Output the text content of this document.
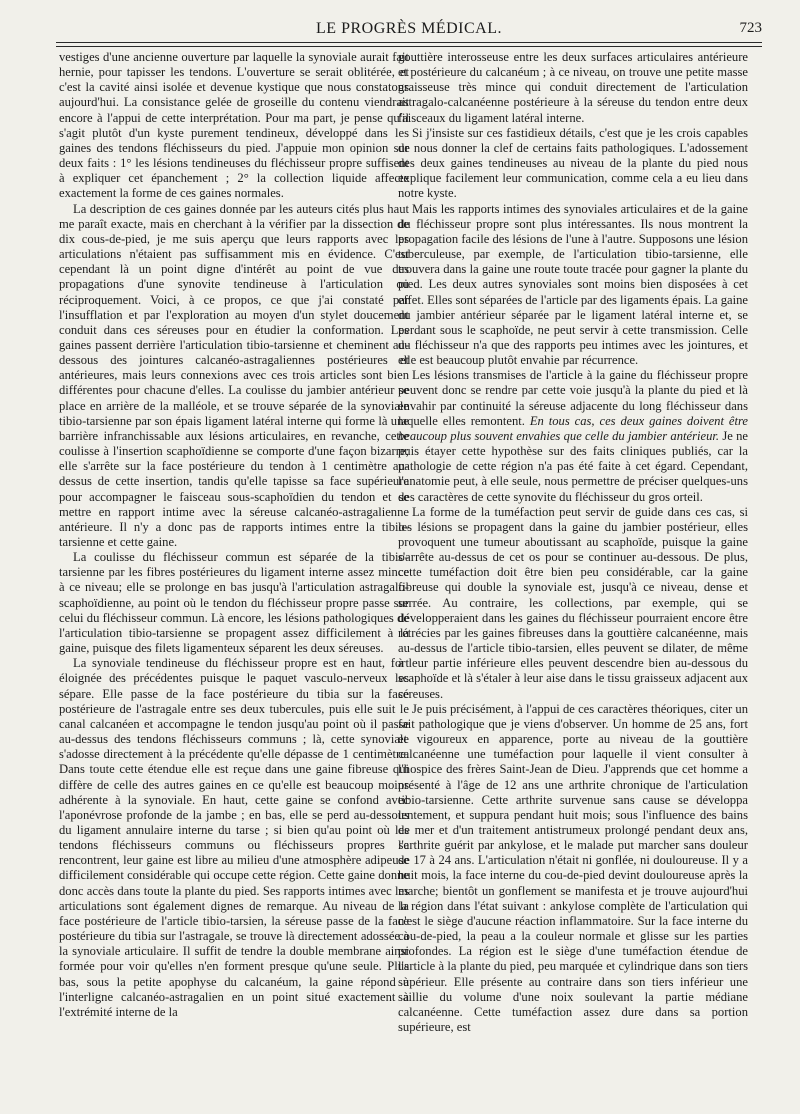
LE PROGRÈS MÉDICAL.	723

vestiges d'une ancienne ouverture par laquelle la synoviale aurait fait hernie, pour tapisser les tendons. L'ouverture se serait oblitérée, et c'est la cavité ainsi isolée et devenue kystique que nous constatons aujourd'hui. La consistance gelée de groseille du contenu viendrait encore à l'appui de cette interprétation. Pour ma part, je pense qu'il s'agit plutôt d'un kyste purement tendineux, développé dans les gaines des tendons fléchisseurs du pied. J'appuie mon opinion sur deux faits : 1° les lésions tendineuses du fléchisseur propre suffisent à expliquer cet épanchement ; 2° la collection liquide affecte exactement la forme de ces gaines normales.

La description de ces gaines donnée par les auteurs cités plus haut me paraît exacte, mais en cherchant à la vérifier par la dissection de dix cous-de-pied, je me suis aperçu que leurs rapports avec les articulations n'étaient pas suffisamment mis en évidence. C'est cependant là un point digne d'intérêt au point de vue des propagations d'une synovite tendineuse à l'articulation ou réciproquement. Voici, à ce propos, ce que j'ai constaté par l'insufflation et par l'exploration au moyen d'un stylet doucement conduit dans ces séreuses pour en étudier la conformation. Les gaines passent derrière l'articulation tibio-tarsienne et cheminent au-dessous des jointures calcanéo-astragaliennes postérieures et antérieures, mais leurs connexions avec ces trois articles sont bien différentes pour chacune d'elles. La coulisse du jambier antérieur se place en arrière de la malléole, et se trouve séparée de la synoviale tibio-tarsienne par son épais ligament latéral interne qui forme là une barrière infranchissable aux lésions articulaires, en revanche, cette coulisse à l'insertion scaphoïdienne se comporte d'une façon bizarre; elle s'arrête sur la face postérieure du tendon à 1 centimètre au-dessus de cette insertion, tandis qu'elle tapisse sa face supérieure pour accompagner le faisceau sous-scaphoïdien du tendon et se mettre en rapport intime avec la séreuse calcanéo-astragalienne antérieure. Il n'y a donc pas de rapports intimes entre la tibio-tarsienne et cette gaine.

La coulisse du fléchisseur commun est séparée de la tibio-tarsienne par les fibres postérieures du ligament interne assez mince à ce niveau; elle se prolonge en bas jusqu'à l'articulation astragalo-scaphoïdienne, au point où le tendon du fléchisseur propre passe sur celui du fléchisseur commun. Là encore, les lésions pathologiques de l'articulation tibio-tarsienne se propagent assez difficilement à la gaine, puisque des filets ligamenteux séparent les deux séreuses.

La synoviale tendineuse du fléchisseur propre est en haut, fort éloignée des précédentes puisque le paquet vasculo-nerveux les sépare. Elle passe de la face postérieure du tibia sur la face postérieure de l'astragale entre ses deux tubercules, puis elle suit le canal calcanéen et accompagne le tendon jusqu'au point où il passe au-dessus des tendons fléchisseurs communs ; là, cette synoviale s'adosse directement à la précédente qu'elle dépasse de 1 centimètre. Dans toute cette étendue elle est reçue dans une gaine fibreuse qui diffère de celle des autres gaines en ce qu'elle est beaucoup moins adhérente à la synoviale. En haut, cette gaine se confond avec l'aponévrose profonde de la jambe ; en bas, elle se perd au-dessous du ligament annulaire interne du tarse ; si bien qu'au point où les tendons fléchisseurs communs ou fléchisseurs propres se rencontrent, leur gaine est libre au milieu d'une atmosphère adipeuse difficilement considérable qui occupe cette région. Cette gaine donne donc accès dans toute la plante du pied. Ses rapports intimes avec les articulations sont également dignes de remarque. Au niveau de la face postérieure de l'article tibio-tarsien, la séreuse passe de la face postérieure du tibia sur l'astragale, se trouve là directement adossée à la synoviale articulaire. Il suffit de tendre la double membrane ainsi formée pour voir qu'elles n'en forment presque qu'une seule. Plus bas, sous la petite apophyse du calcanéum, la gaine répond à l'interligne calcanéo-astragalien en un point situé exactement à l'extrémité interne de la

gouttière interosseuse entre les deux surfaces articulaires antérieure et postérieure du calcanéum ; à ce niveau, on trouve une petite masse graisseuse très mince qui conduit directement de l'articulation astragalo-calcanéenne postérieure à la séreuse du tendon entre deux faisceaux du ligament latéral interne.

Si j'insiste sur ces fastidieux détails, c'est que je les crois capables de nous donner la clef de certains faits pathologiques. L'adossement des deux gaines tendineuses au niveau de la plante du pied nous explique facilement leur communication, comme cela a eu lieu dans notre kyste.

Mais les rapports intimes des synoviales articulaires et de la gaine du fléchisseur propre sont plus intéressantes. Ils nous montrent la propagation facile des lésions de l'une à l'autre. Supposons une lésion tuberculeuse, par exemple, de l'articulation tibio-tarsienne, elle trouvera dans la gaine une route toute tracée pour gagner la plante du pied. Les deux autres synoviales sont moins bien disposées à cet effet. Elles sont séparées de l'article par des ligaments épais. La gaine du jambier antérieur séparée par le ligament latéral interne et, se perdant sous le scaphoïde, ne peut servir à cette transmission. Celle du fléchisseur n'a que des rapports peu intimes avec les jointures, et elle est beaucoup plutôt envahie par récurrence.

Les lésions transmises de l'article à la gaine du fléchisseur propre peuvent donc se rendre par cette voie jusqu'à la plante du pied et là envahir par continuité la séreuse adjacente du long fléchisseur dans laquelle elles remontent. En tous cas, ces deux gaines doivent être beaucoup plus souvent envahies que celle du jambier antérieur. Je ne puis étayer cette hypothèse sur des faits cliniques publiés, car la pathologie de cette région n'a pas été faite à cet égard. Cependant, l'anatomie peut, à elle seule, nous permettre de préciser quelques-uns des caractères de cette synovite du fléchisseur du gros orteil.

La forme de la tuméfaction peut servir de guide dans ces cas, si les lésions se propagent dans la gaine du jambier postérieur, elles provoquent une tumeur aboutissant au scaphoïde, puisque la gaine s'arrête au-dessus de cet os pour se continuer au-dessous. De plus, cette tuméfaction doit être bien peu considérable, car la gaine fibreuse qui double la synoviale est, jusqu'à ce niveau, dense et serrée. Au contraire, les collections, par exemple, qui se développeraient dans les gaines du fléchisseur pourraient encore être rétrécies par les gaines fibreuses dans la gouttière calcanéenne, mais au-dessus de l'article tibio-tarsien, elles peuvent se dilater, de même à leur partie inférieure elles peuvent descendre bien au-dessous du scaphoïde et là s'étaler à leur aise dans le tissu graisseux adjacent aux séreuses.

Je puis précisément, à l'appui de ces caractères théoriques, citer un fait pathologique que je viens d'observer. Un homme de 25 ans, fort et vigoureux en apparence, porte au niveau de la gouttière calcanéenne une tuméfaction pour laquelle il vient consulter à l'hospice des frères Saint-Jean de Dieu. J'apprends que cet homme a présenté à l'âge de 12 ans une arthrite chronique de l'articulation tibio-tarsienne. Cette arthrite survenue sans cause se développa lentement, et suppura pendant huit mois; sous l'influence des bains de mer et d'un traitement antistrumeux prolongé pendant deux ans, l'arthrite guérit par ankylose, et le malade put marcher sans douleur de 17 à 24 ans. L'articulation n'était ni gonflée, ni douloureuse. Il y a huit mois, la face interne du cou-de-pied devint douloureuse après la marche; bientôt un gonflement se manifesta et je trouve aujourd'hui la région dans l'état suivant : ankylose complète de l'articulation qui n'est le siège d'aucune réaction inflammatoire. Sur la face interne du cou-de-pied, la peau a la couleur normale et glisse sur les parties profondes. La région est le siège d'une tuméfaction étendue de l'article à la plante du pied, peu marquée et cylindrique dans son tiers supérieur. Elle présente au contraire dans son tiers inférieur une saillie du volume d'une noix soulevant la partie médiane calcanéenne. Cette tuméfaction assez dure dans sa portion supérieure, est
